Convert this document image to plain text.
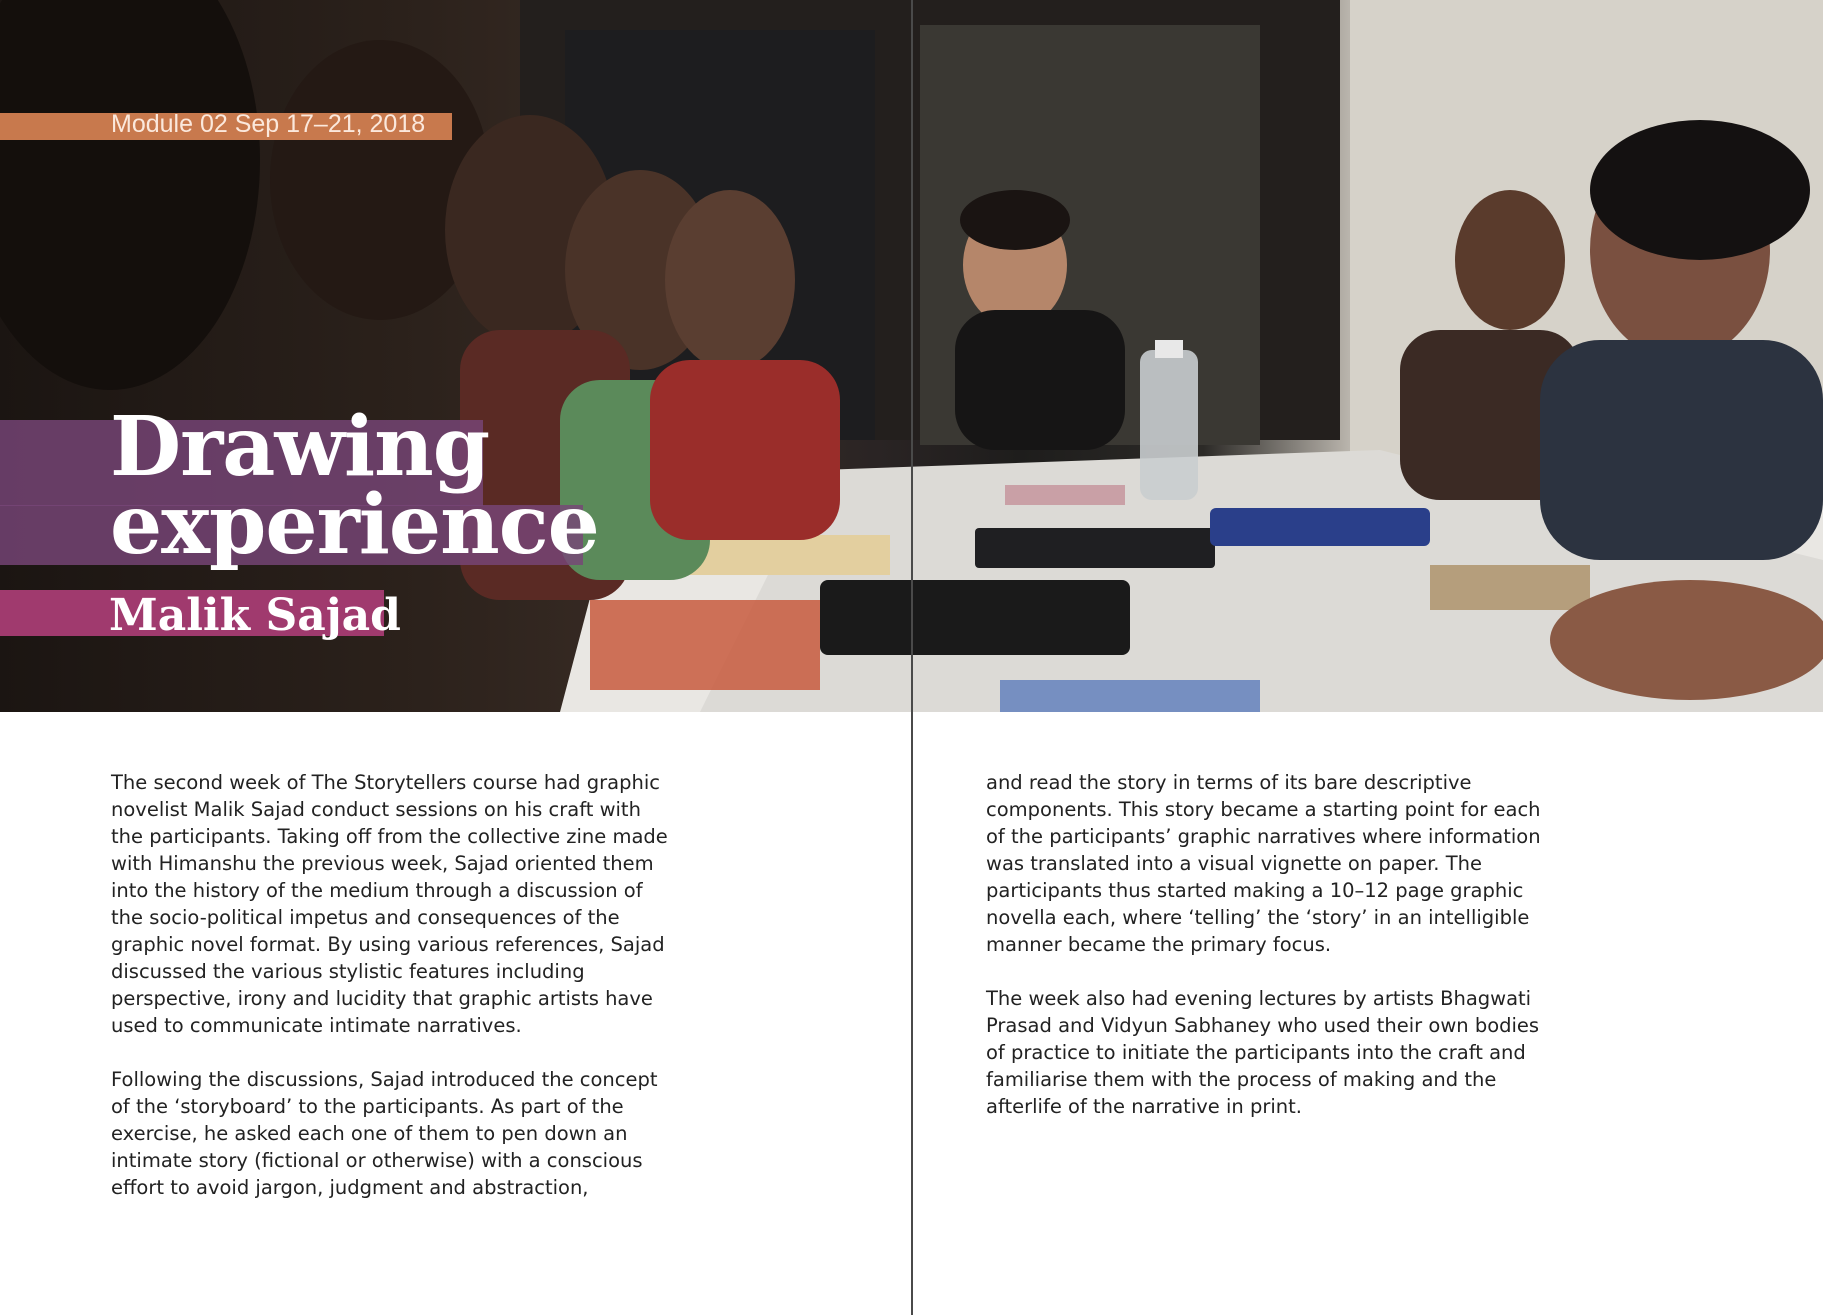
Module 02 Sep 17–21, 2018
Drawing
experience
Malik Sajad

The second week of The Storytellers course had graphic novelist Malik Sajad conduct sessions on his craft with the participants. Taking off from the collective zine made with Himanshu the previous week, Sajad oriented them into the history of the medium through a discussion of the socio-political impetus and consequences of the graphic novel format. By using various references, Sajad discussed the various stylistic features including perspective, irony and lucidity that graphic artists have used to communicate intimate narratives.

Following the discussions, Sajad introduced the concept of the ‘storyboard’ to the participants. As part of the exercise, he asked each one of them to pen down an intimate story (fictional or otherwise) with a conscious effort to avoid jargon, judgment and abstraction,

and read the story in terms of its bare descriptive components. This story became a starting point for each of the participants’ graphic narratives where information was translated into a visual vignette on paper. The participants thus started making a 10–12 page graphic novella each, where ‘telling’ the ‘story’ in an intelligible manner became the primary focus.

The week also had evening lectures by artists Bhagwati Prasad and Vidyun Sabhaney who used their own bodies of practice to initiate the participants into the craft and familiarise them with the process of making and the afterlife of the narrative in print.
